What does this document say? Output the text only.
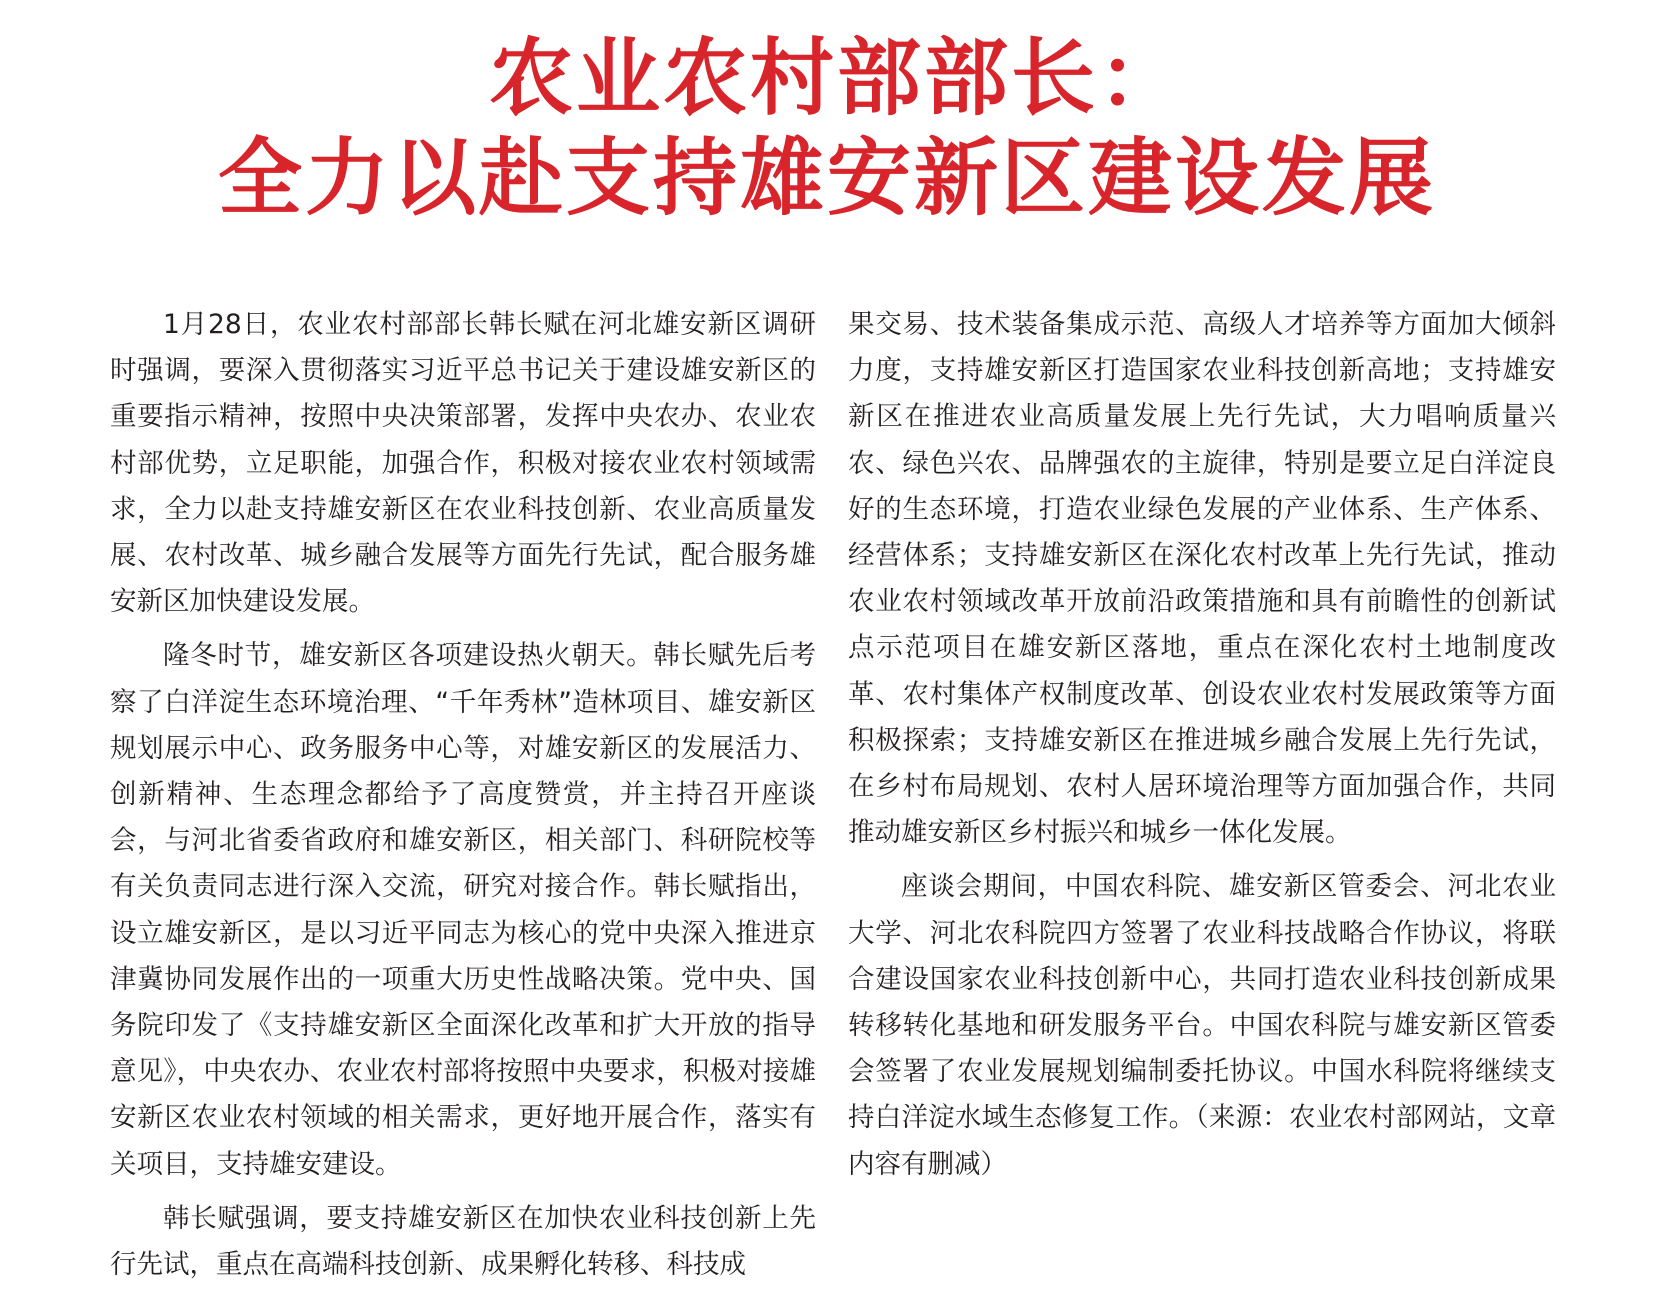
农业农村部部长：
全力以赴支持雄安新区建设发展

1月28日，农业农村部部长韩长赋在河北雄安新区调研时强调，要深入贯彻落实习近平总书记关于建设雄安新区的重要指示精神，按照中央决策部署，发挥中央农办、农业农村部优势，立足职能，加强合作，积极对接农业农村领域需求，全力以赴支持雄安新区在农业科技创新、农业高质量发展、农村改革、城乡融合发展等方面先行先试，配合服务雄安新区加快建设发展。

隆冬时节，雄安新区各项建设热火朝天。韩长赋先后考察了白洋淀生态环境治理、“千年秀林”造林项目、雄安新区规划展示中心、政务服务中心等，对雄安新区的发展活力、创新精神、生态理念都给予了高度赞赏，并主持召开座谈会，与河北省委省政府和雄安新区，相关部门、科研院校等有关负责同志进行深入交流，研究对接合作。韩长赋指出，设立雄安新区，是以习近平同志为核心的党中央深入推进京津冀协同发展作出的一项重大历史性战略决策。党中央、国务院印发了《支持雄安新区全面深化改革和扩大开放的指导意见》，中央农办、农业农村部将按照中央要求，积极对接雄安新区农业农村领域的相关需求，更好地开展合作，落实有关项目，支持雄安建设。

韩长赋强调，要支持雄安新区在加快农业科技创新上先行先试，重点在高端科技创新、成果孵化转移、科技成

果交易、技术装备集成示范、高级人才培养等方面加大倾斜力度，支持雄安新区打造国家农业科技创新高地；支持雄安新区在推进农业高质量发展上先行先试，大力唱响质量兴农、绿色兴农、品牌强农的主旋律，特别是要立足白洋淀良好的生态环境，打造农业绿色发展的产业体系、生产体系、经营体系；支持雄安新区在深化农村改革上先行先试，推动农业农村领域改革开放前沿政策措施和具有前瞻性的创新试点示范项目在雄安新区落地，重点在深化农村土地制度改革、农村集体产权制度改革、创设农业农村发展政策等方面积极探索；支持雄安新区在推进城乡融合发展上先行先试，在乡村布局规划、农村人居环境治理等方面加强合作，共同推动雄安新区乡村振兴和城乡一体化发展。

座谈会期间，中国农科院、雄安新区管委会、河北农业大学、河北农科院四方签署了农业科技战略合作协议，将联合建设国家农业科技创新中心，共同打造农业科技创新成果转移转化基地和研发服务平台。中国农科院与雄安新区管委会签署了农业发展规划编制委托协议。中国水科院将继续支持白洋淀水域生态修复工作。（来源：农业农村部网站，文章内容有删减）
